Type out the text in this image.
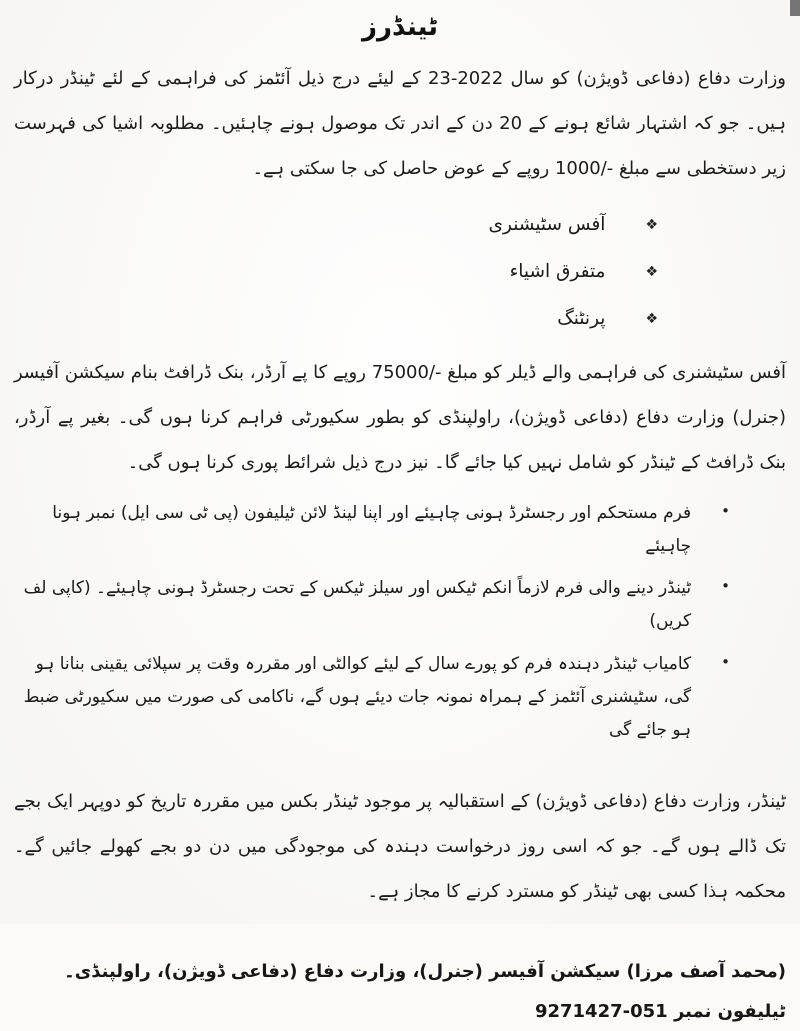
ٹینڈرز

وزارت دفاع (دفاعی ڈویژن) کو سال 2022-23 کے لیئے درج ذیل آئٹمز کی فراہمی کے لئے ٹینڈر درکار ہیں۔ جو کہ اشتہار شائع ہونے کے 20 دن کے اندر تک موصول ہونے چاہئیں۔ مطلوبہ اشیا کی فہرست زیر دستخطی سے مبلغ ‎1000/-‎ روپے کے عوض حاصل کی جا سکتی ہے۔

❖
آفس سٹیشنری
❖
متفرق اشیاء
❖
پرنٹنگ

آفس سٹیشنری کی فراہمی والے ڈیلر کو مبلغ ‎75000/-‎ روپے کا پے آرڈر، بنک ڈرافٹ بنام سیکشن آفیسر (جنرل) وزارت دفاع (دفاعی ڈویژن)، راولپنڈی کو بطور سکیورٹی فراہم کرنا ہوں گی۔ بغیر پے آرڈر، بنک ڈرافٹ کے ٹینڈر کو شامل نہیں کیا جائے گا۔ نیز درج ذیل شرائط پوری کرنا ہوں گی۔

•
فرم مستحکم اور رجسٹرڈ ہونی چاہیئے اور اپنا لینڈ لائن ٹیلیفون (پی ٹی سی ایل) نمبر ہونا چاہیئے
•
ٹینڈر دینے والی فرم لازماً انکم ٹیکس اور سیلز ٹیکس کے تحت رجسٹرڈ ہونی چاہیئے۔ (کاپی لف کریں)
•
کامیاب ٹینڈر دہندہ فرم کو پورے سال کے لیئے کوالٹی اور مقررہ وقت پر سپلائی یقینی بنانا ہو گی، سٹیشنری آئٹمز کے ہمراہ نمونہ جات دیئے ہوں گے، ناکامی کی صورت میں سکیورٹی ضبط ہو جائے گی

ٹینڈر، وزارت دفاع (دفاعی ڈویژن) کے استقبالیہ پر موجود ٹینڈر بکس میں مقررہ تاریخ کو دوپہر ایک بجے تک ڈالے ہوں گے۔ جو کہ اسی روز درخواست دہندہ کی موجودگی میں دن دو بجے کھولے جائیں گے۔ محکمہ ہذا کسی بھی ٹینڈر کو مسترد کرنے کا مجاز ہے۔

(محمد آصف مرزا) سیکشن آفیسر (جنرل)، وزارت دفاع (دفاعی ڈویژن)، راولپنڈی۔ ٹیلیفون نمبر 051-9271427
